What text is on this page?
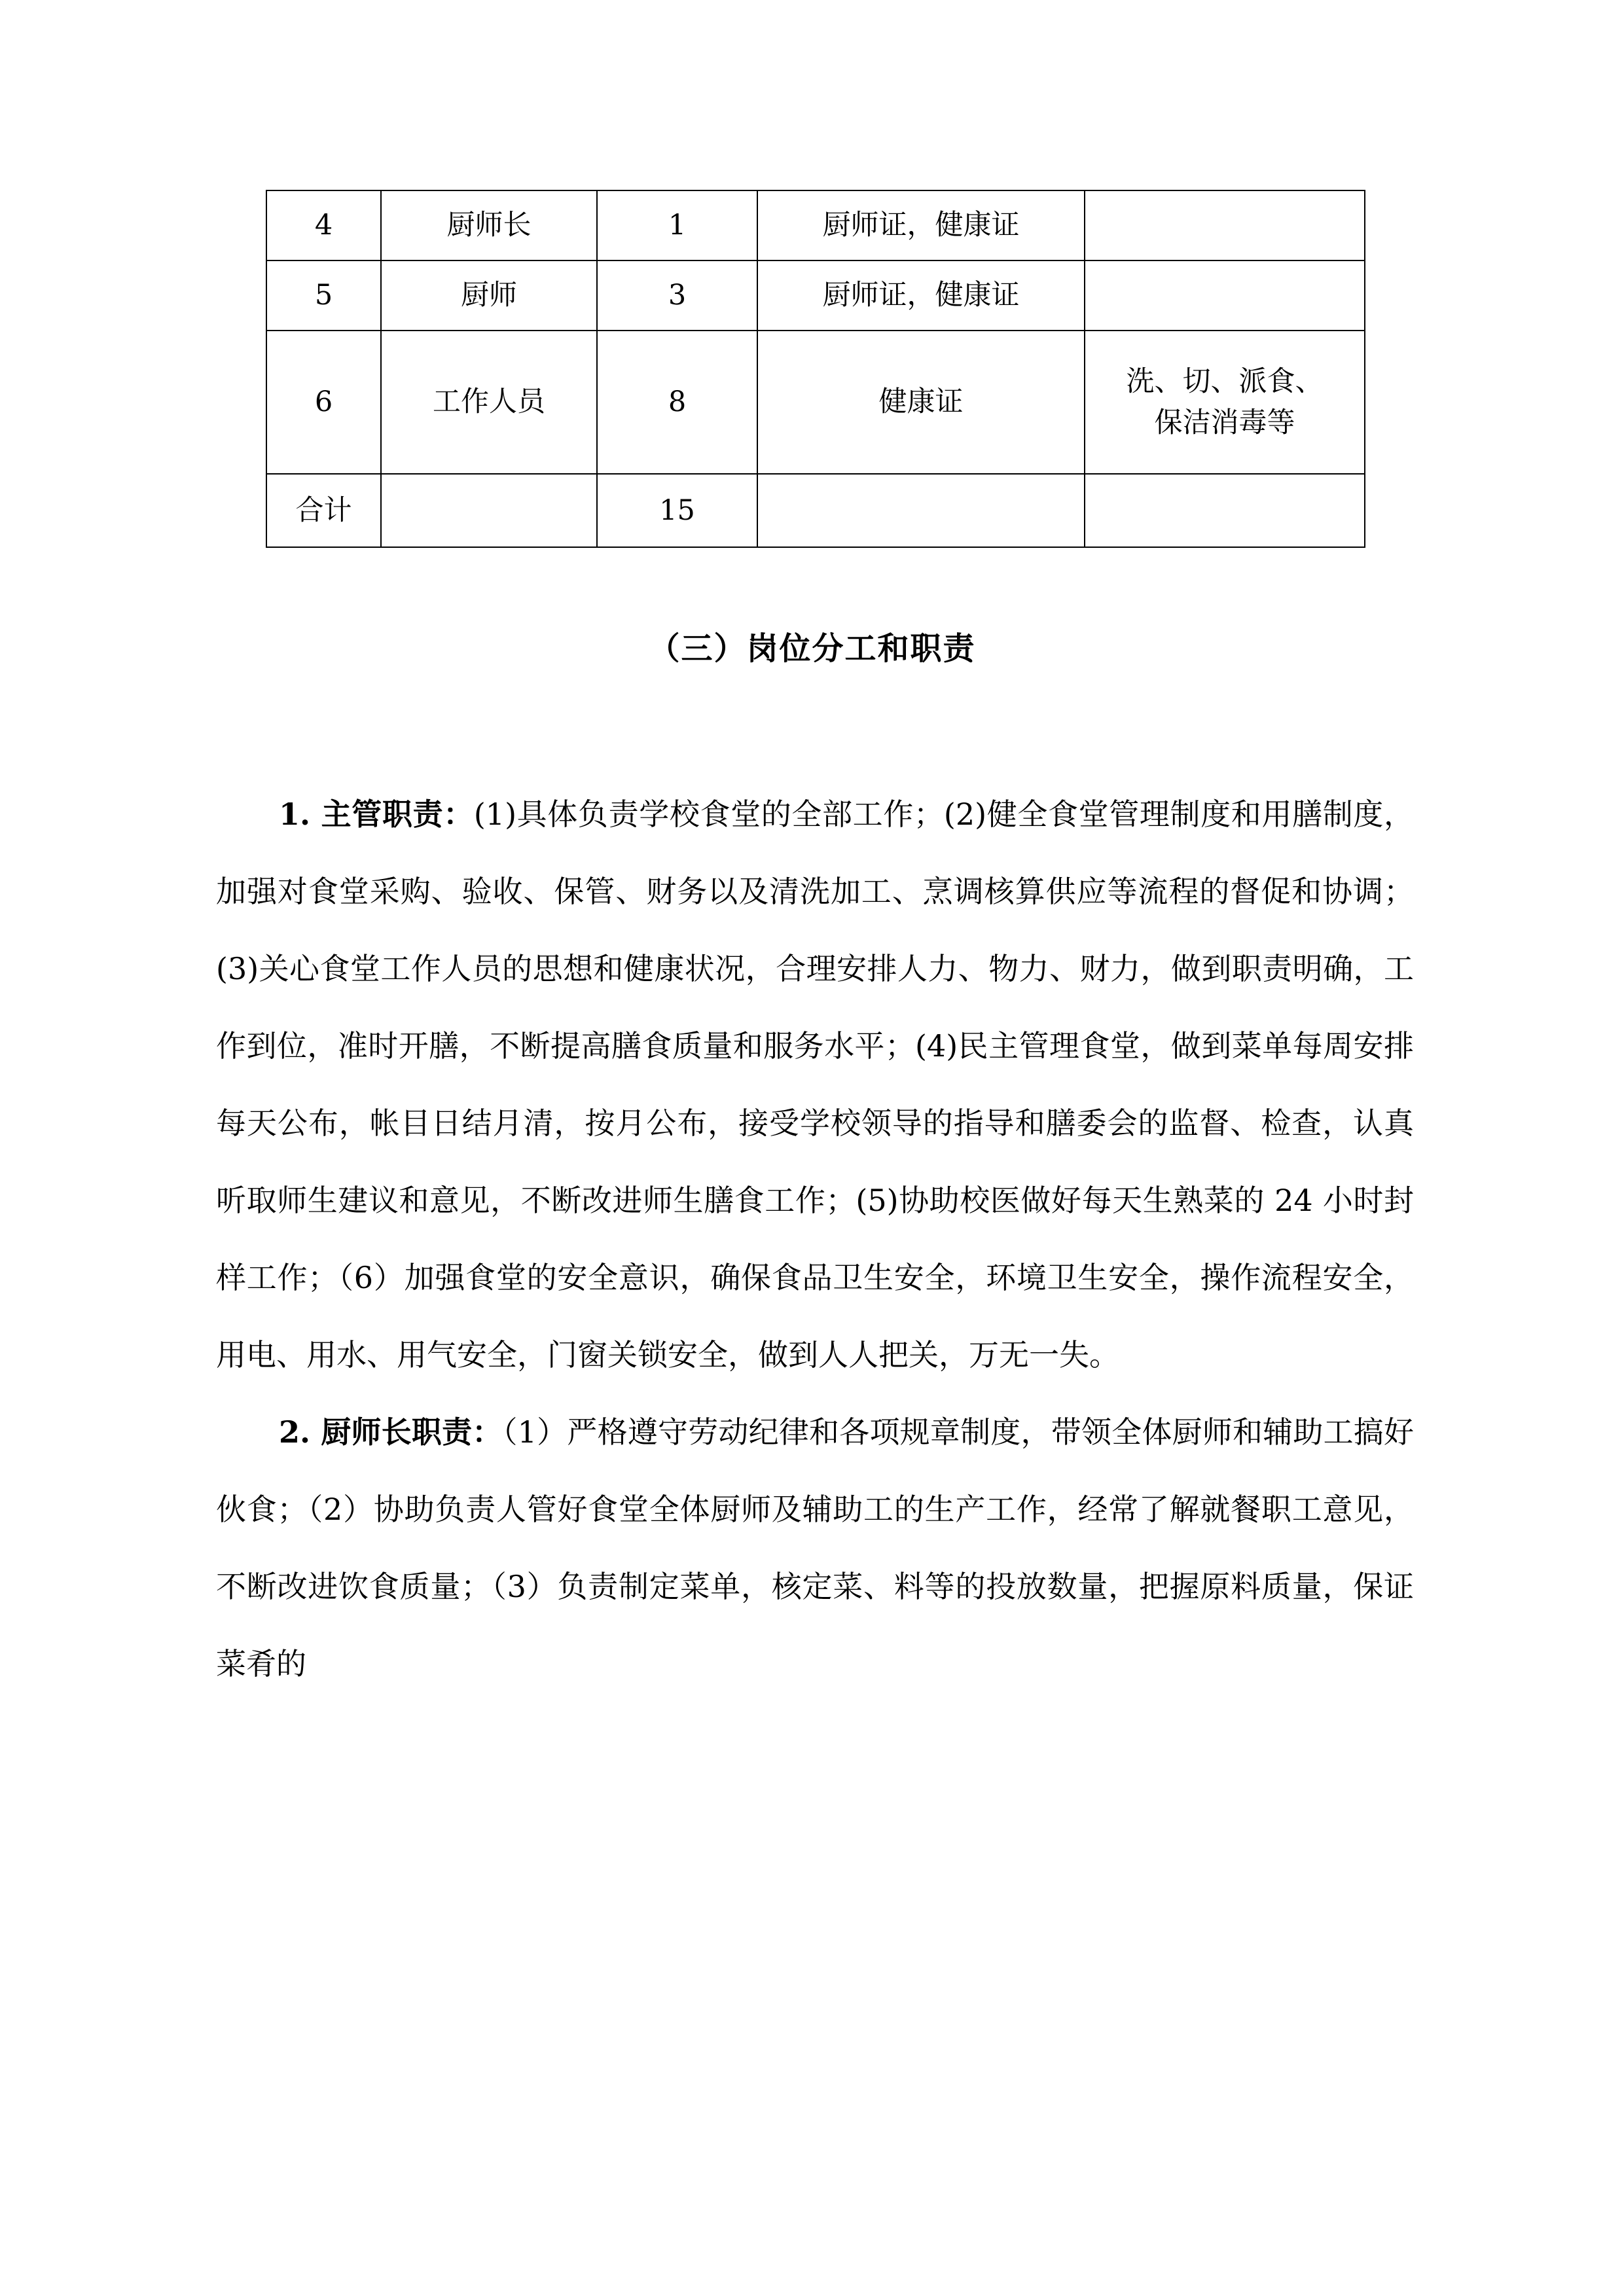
4	厨师长	1	厨师证，健康证	
5	厨师	3	厨师证，健康证	
6	工作人员	8	健康证	洗、切、派食、
保洁消毒等

合计		15		
（三）岗位分工和职责

1. 主管职责：(1)具体负责学校食堂的全部工作；(2)健全食堂管理制度和用膳制度，加强对食堂采购、验收、保管、财务以及清洗加工、烹调核算供应等流程的督促和协调；(3)关心食堂工作人员的思想和健康状况，合理安排人力、物力、财力，做到职责明确，工作到位，准时开膳，不断提高膳食质量和服务水平；(4)民主管理食堂，做到菜单每周安排每天公布，帐目日结月清，按月公布，接受学校领导的指导和膳委会的监督、检查，认真听取师生建议和意见，不断改进师生膳食工作；(5)协助校医做好每天生熟菜的 24 小时封样工作；（6）加强食堂的安全意识，确保食品卫生安全，环境卫生安全，操作流程安全，用电、用水、用气安全，门窗关锁安全，做到人人把关，万无一失。

2. 厨师长职责：（1）严格遵守劳动纪律和各项规章制度，带领全体厨师和辅助工搞好伙食；（2）协助负责人管好食堂全体厨师及辅助工的生产工作，经常了解就餐职工意见，不断改进饮食质量；（3）负责制定菜单，核定菜、料等的投放数量，把握原料质量，保证菜肴的
